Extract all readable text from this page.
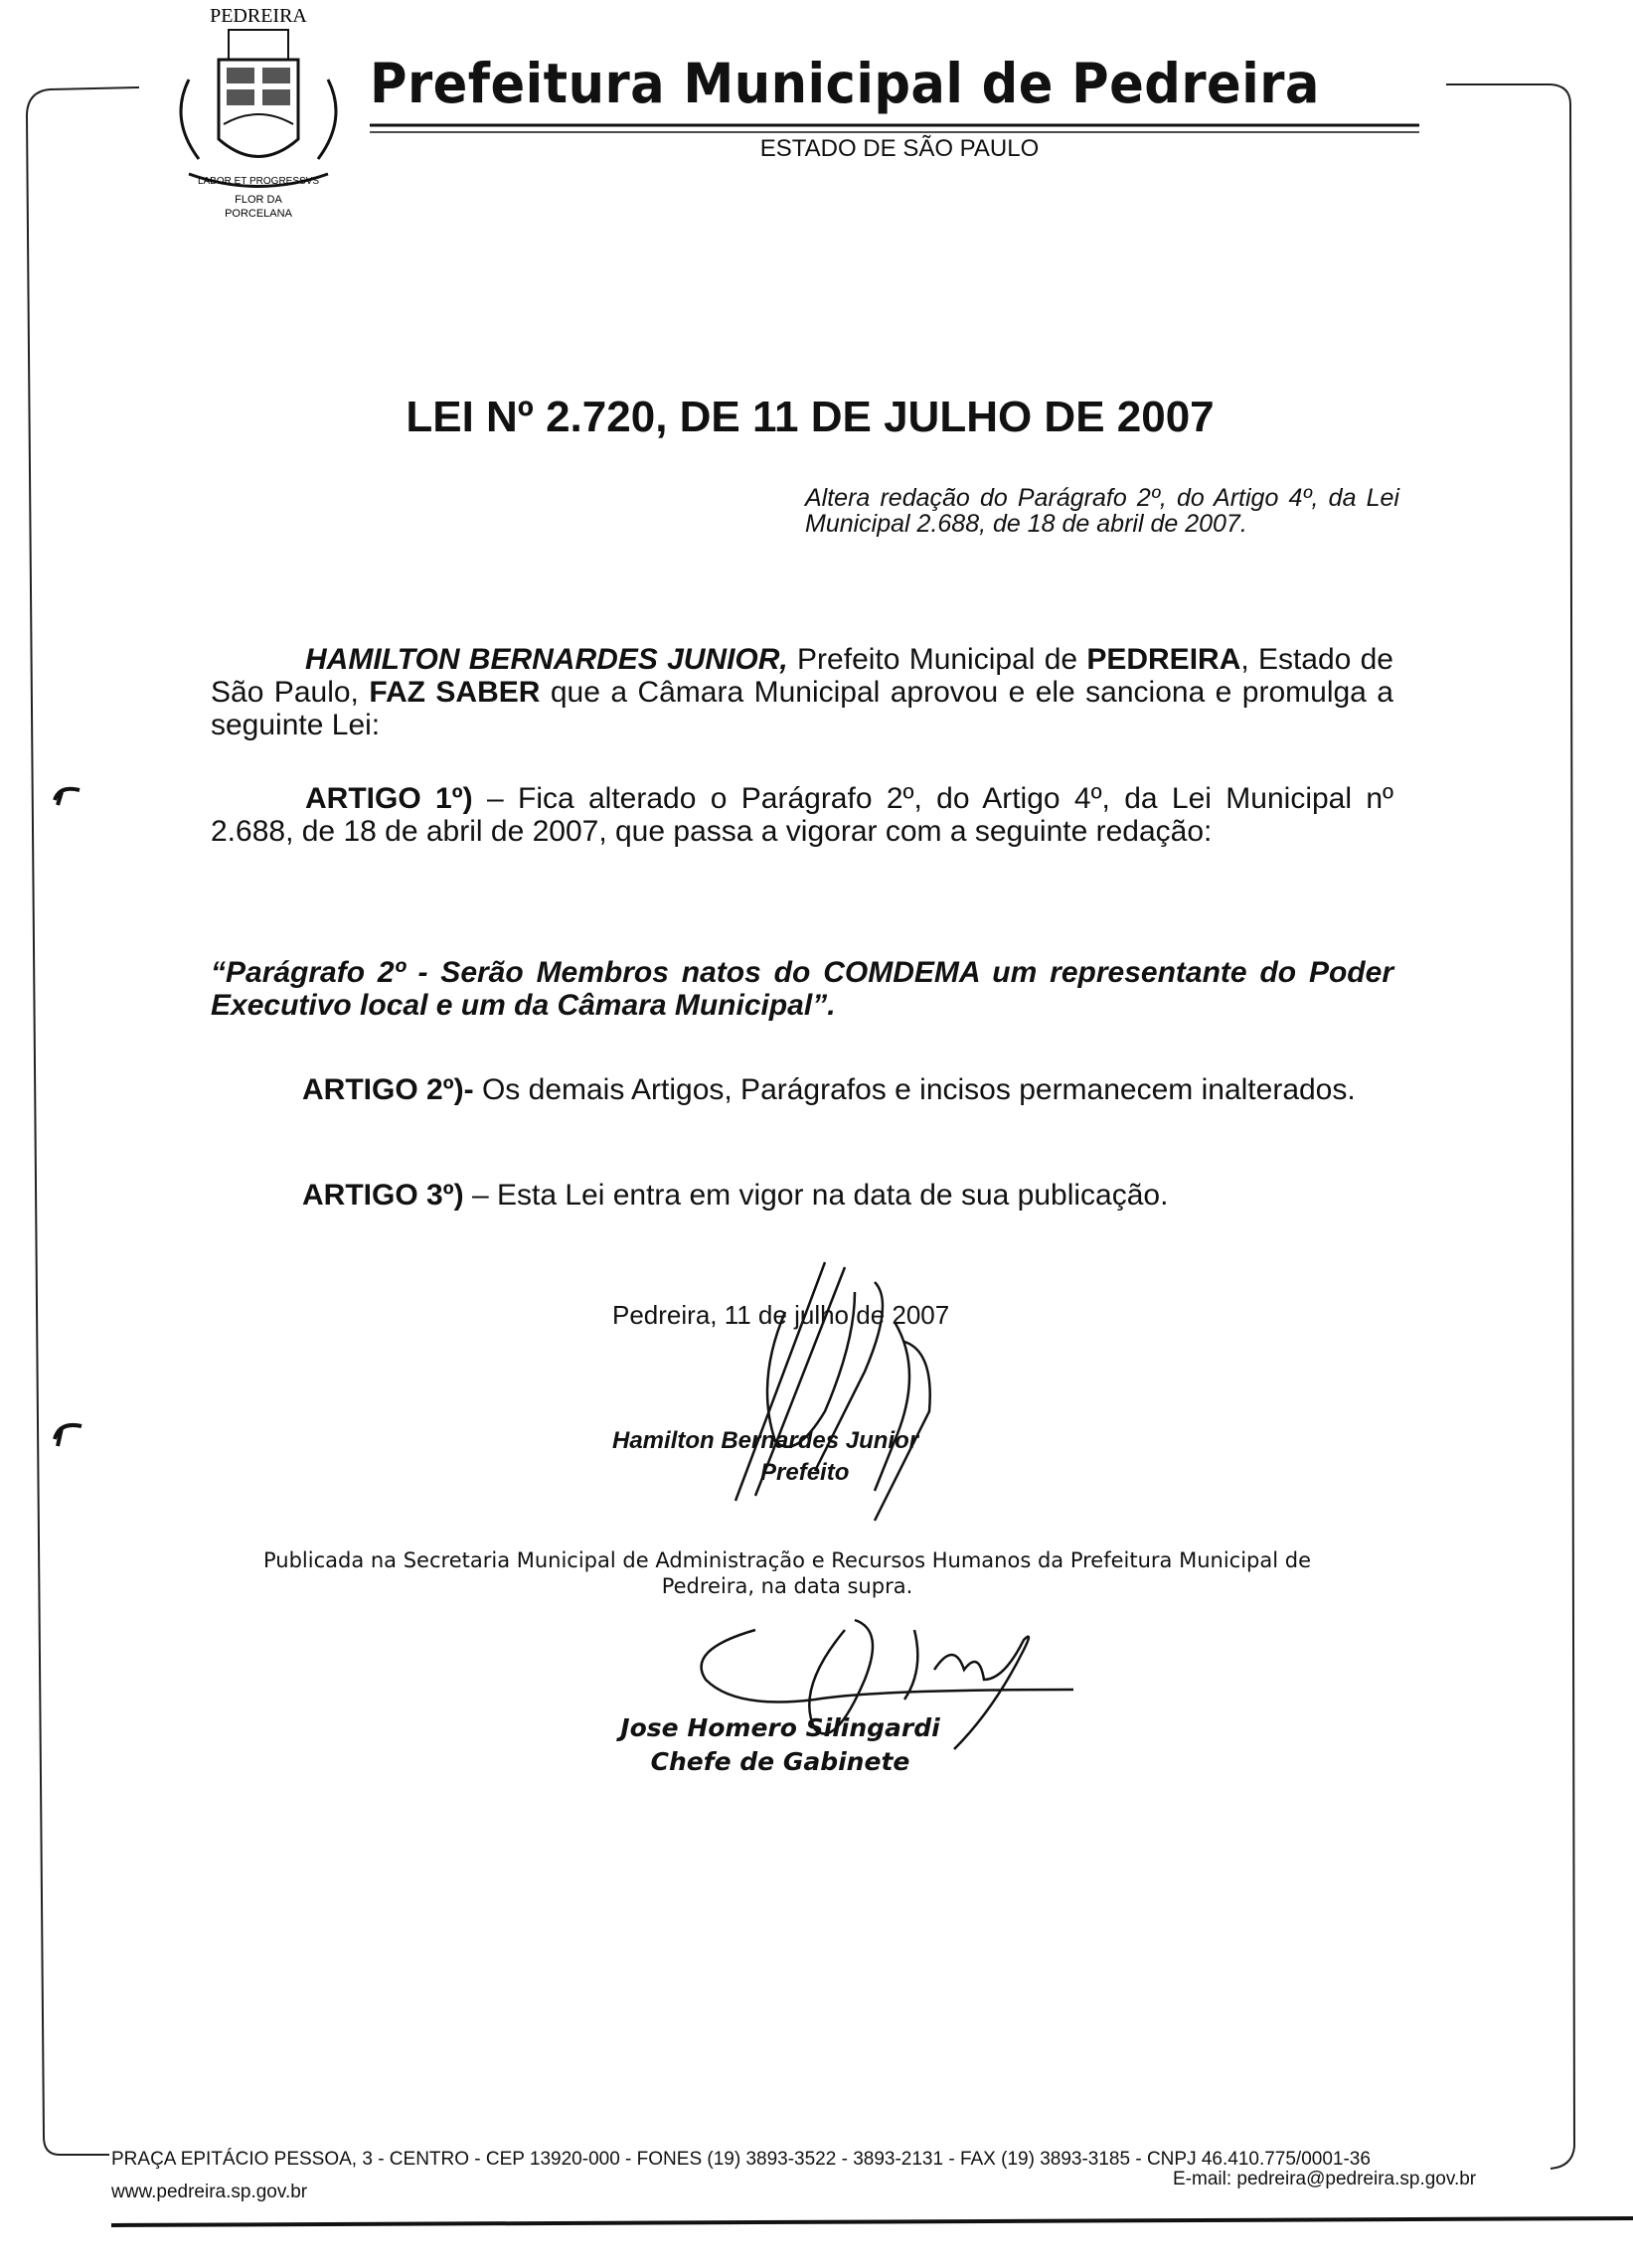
PEDREIRA
LABOR ET PROGRESSVS
FLOR DA
PORCELANA
Prefeitura Municipal de Pedreira
ESTADO DE SÃO PAULO
LEI Nº 2.720, DE 11 DE JULHO DE 2007
Altera redação do Parágrafo 2º, do Artigo 4º, da Lei Municipal 2.688, de 18 de abril de 2007.
HAMILTON BERNARDES JUNIOR, Prefeito Municipal de PEDREIRA, Estado de São Paulo, FAZ SABER que a Câmara Municipal aprovou e ele sanciona e promulga a seguinte Lei:
ARTIGO 1º) – Fica alterado o Parágrafo 2º, do Artigo 4º, da Lei Municipal nº 2.688, de 18 de abril de 2007, que passa a vigorar com a seguinte redação:
“Parágrafo 2º - Serão Membros natos do COMDEMA um representante do Poder Executivo local e um da Câmara Municipal”.
ARTIGO 2º)- Os demais Artigos, Parágrafos e incisos permanecem inalterados.
ARTIGO 3º) – Esta Lei entra em vigor na data de sua publicação.
Pedreira, 11 de julho de 2007
Hamilton Bernardes Junior
Prefeito
Publicada na Secretaria Municipal de Administração e Recursos Humanos da Prefeitura Municipal de Pedreira, na data supra.
Jose Homero Silingardi
Chefe de Gabinete
PRAÇA EPITÁCIO PESSOA, 3 - CENTRO - CEP 13920-000 - FONES (19) 3893-3522 - 3893-2131 - FAX (19) 3893-3185 - CNPJ 46.410.775/0001-36
www.pedreira.sp.gov.br
E-mail: pedreira@pedreira.sp.gov.br
